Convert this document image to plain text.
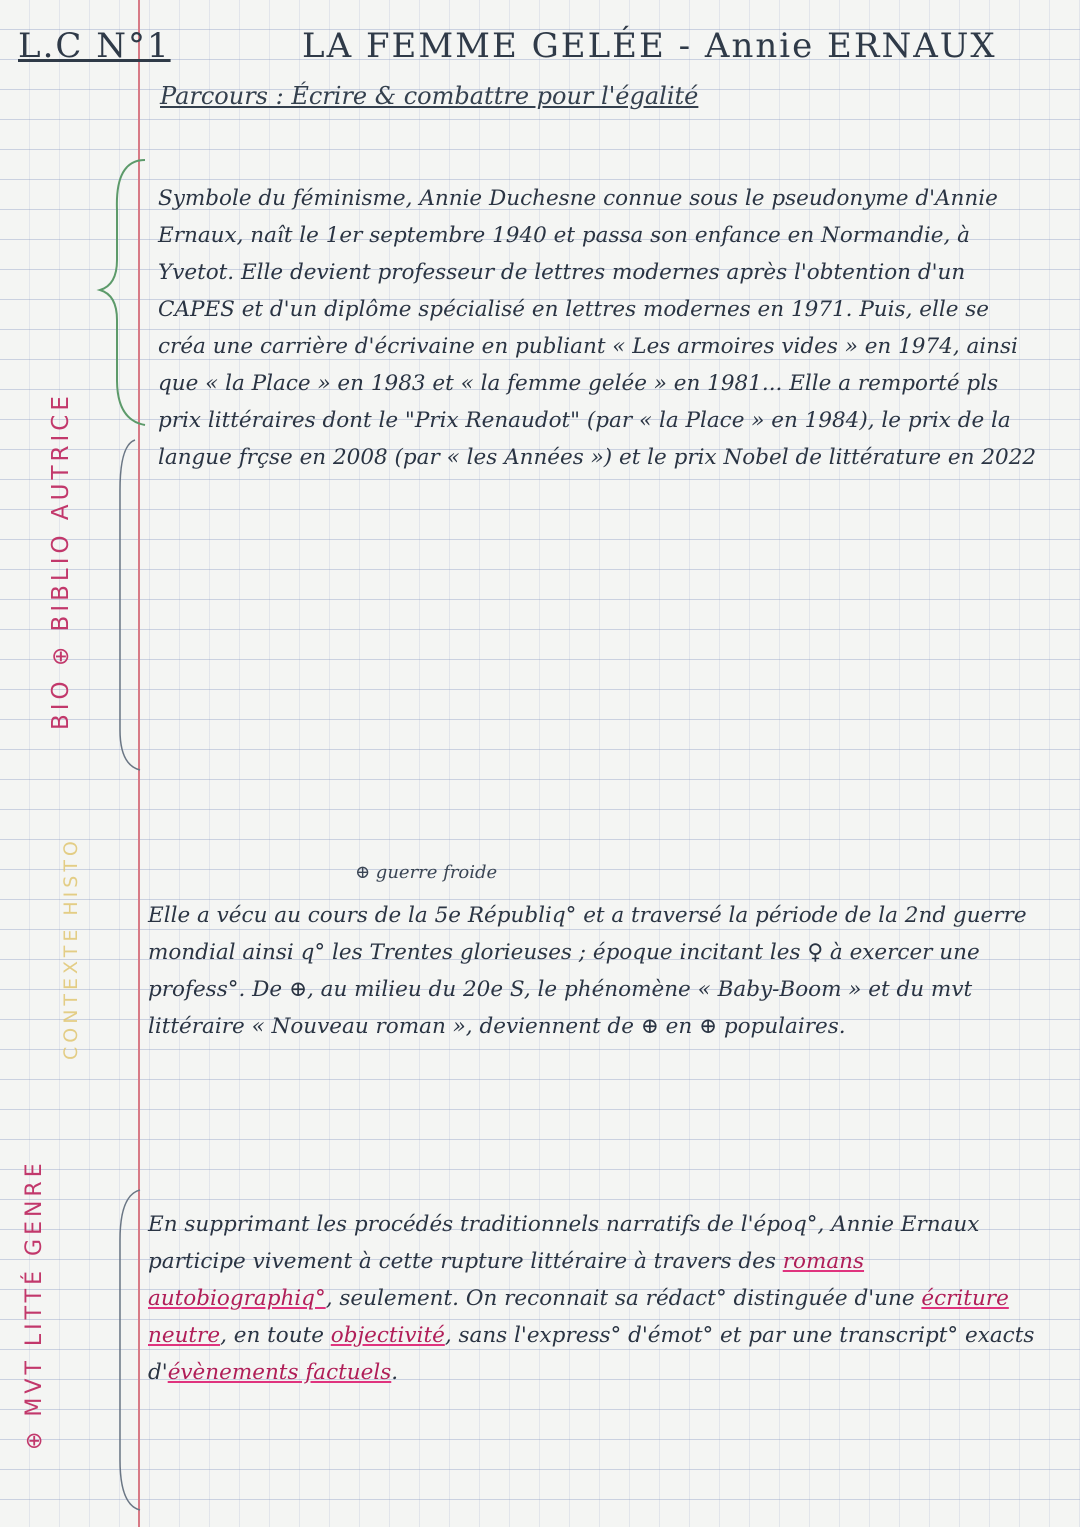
L.C N°1	LA FEMME GELÉE - Annie ERNAUX
Parcours : Écrire & combattre pour l'égalité
BIO ⊕ BIBLIO AUTRICE
CONTEXTE HISTO
⊕ MVT LITTÉ GENRE

Symbole du féminisme, Annie Duchesne connue sous le pseudonyme d'Annie Ernaux, naît le 1er septembre 1940 et passa son enfance en Normandie, à Yvetot. Elle devient professeur de lettres modernes après l'obtention d'un CAPES et d'un diplôme spécialisé en lettres modernes en 1971. Puis, elle se créa une carrière d'écrivaine en publiant « Les armoires vides » en 1974, ainsi que « la Place » en 1983 et « la femme gelée » en 1981... Elle a remporté pls prix littéraires dont le "Prix Renaudot" (par « la Place » en 1984), le prix de la langue frçse en 2008 (par « les Années ») et le prix Nobel de littérature en 2022

⊕ guerre froide

Elle a vécu au cours de la 5e Républiq° et a traversé la période de la 2nd guerre mondial ainsi q° les Trentes glorieuses ; époque incitant les ♀ à exercer une profess°. De ⊕, au milieu du 20e S, le phénomène « Baby-Boom » et du mvt littéraire « Nouveau roman », deviennent de ⊕ en ⊕ populaires.

En supprimant les procédés traditionnels narratifs de l'époq°, Annie Ernaux participe vivement à cette rupture littéraire à travers des romans autobiographiq°, seulement. On reconnait sa rédact° distinguée d'une écriture neutre, en toute objectivité, sans l'express° d'émot° et par une transcript° exacts d'évènements factuels.
